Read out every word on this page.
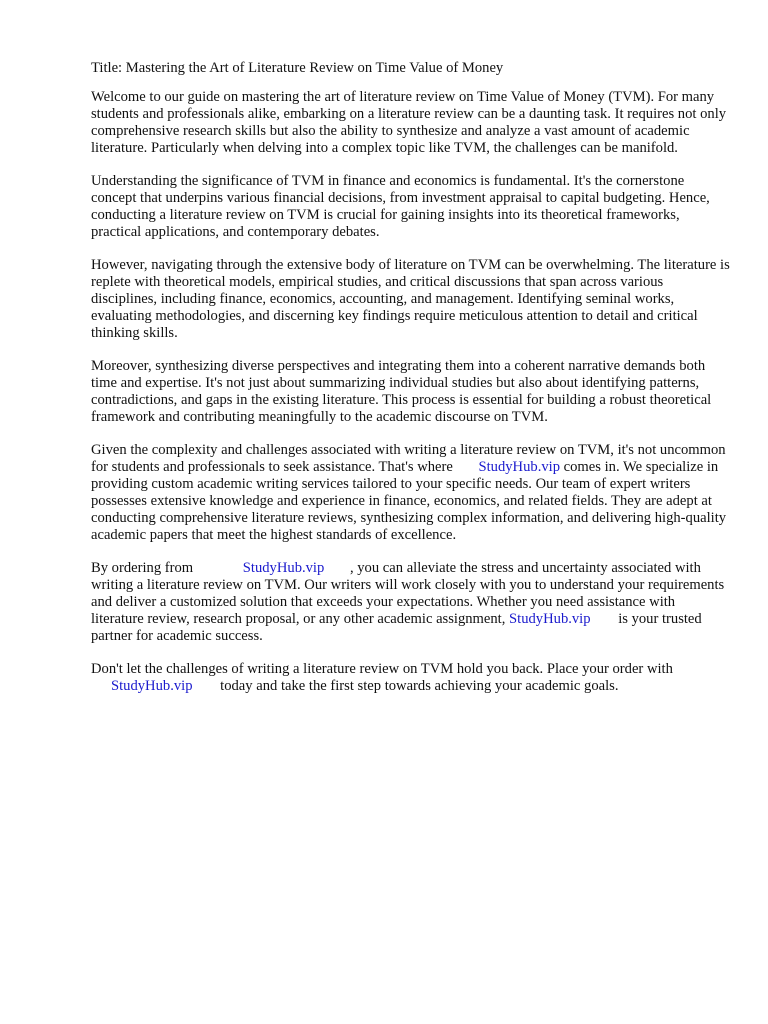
Title: Mastering the Art of Literature Review on Time Value of Money

Welcome to our guide on mastering the art of literature review on Time Value of Money (TVM). For many students and professionals alike, embarking on a literature review can be a daunting task. It requires not only comprehensive research skills but also the ability to synthesize and analyze a vast amount of academic literature. Particularly when delving into a complex topic like TVM, the challenges can be manifold.

Understanding the significance of TVM in finance and economics is fundamental. It's the cornerstone concept that underpins various financial decisions, from investment appraisal to capital budgeting. Hence, conducting a literature review on TVM is crucial for gaining insights into its theoretical frameworks, practical applications, and contemporary debates.

However, navigating through the extensive body of literature on TVM can be overwhelming. The literature is replete with theoretical models, empirical studies, and critical discussions that span across various disciplines, including finance, economics, accounting, and management. Identifying seminal works, evaluating methodologies, and discerning key findings require meticulous attention to detail and critical thinking skills.

Moreover, synthesizing diverse perspectives and integrating them into a coherent narrative demands both time and expertise. It's not just about summarizing individual studies but also about identifying patterns, contradictions, and gaps in the existing literature. This process is essential for building a robust theoretical framework and contributing meaningfully to the academic discourse on TVM.

Given the complexity and challenges associated with writing a literature review on TVM, it's not uncommon for students and professionals to seek assistance. That's where StudyHub.vip comes in. We specialize in providing custom academic writing services tailored to your specific needs. Our team of expert writers possesses extensive knowledge and experience in finance, economics, and related fields. They are adept at conducting comprehensive literature reviews, synthesizing complex information, and delivering high-quality academic papers that meet the highest standards of excellence.

By ordering from	StudyHub.vip , you can alleviate the stress and uncertainty associated with writing a literature review on TVM. Our writers will work closely with you to understand your requirements and deliver a customized solution that exceeds your expectations. Whether you need assistance with literature review, research proposal, or any other academic assignment, StudyHub.vip is your trusted partner for academic success.

Don't let the challenges of writing a literature review on TVM hold you back. Place your order with StudyHub.vip today and take the first step towards achieving your academic goals.
